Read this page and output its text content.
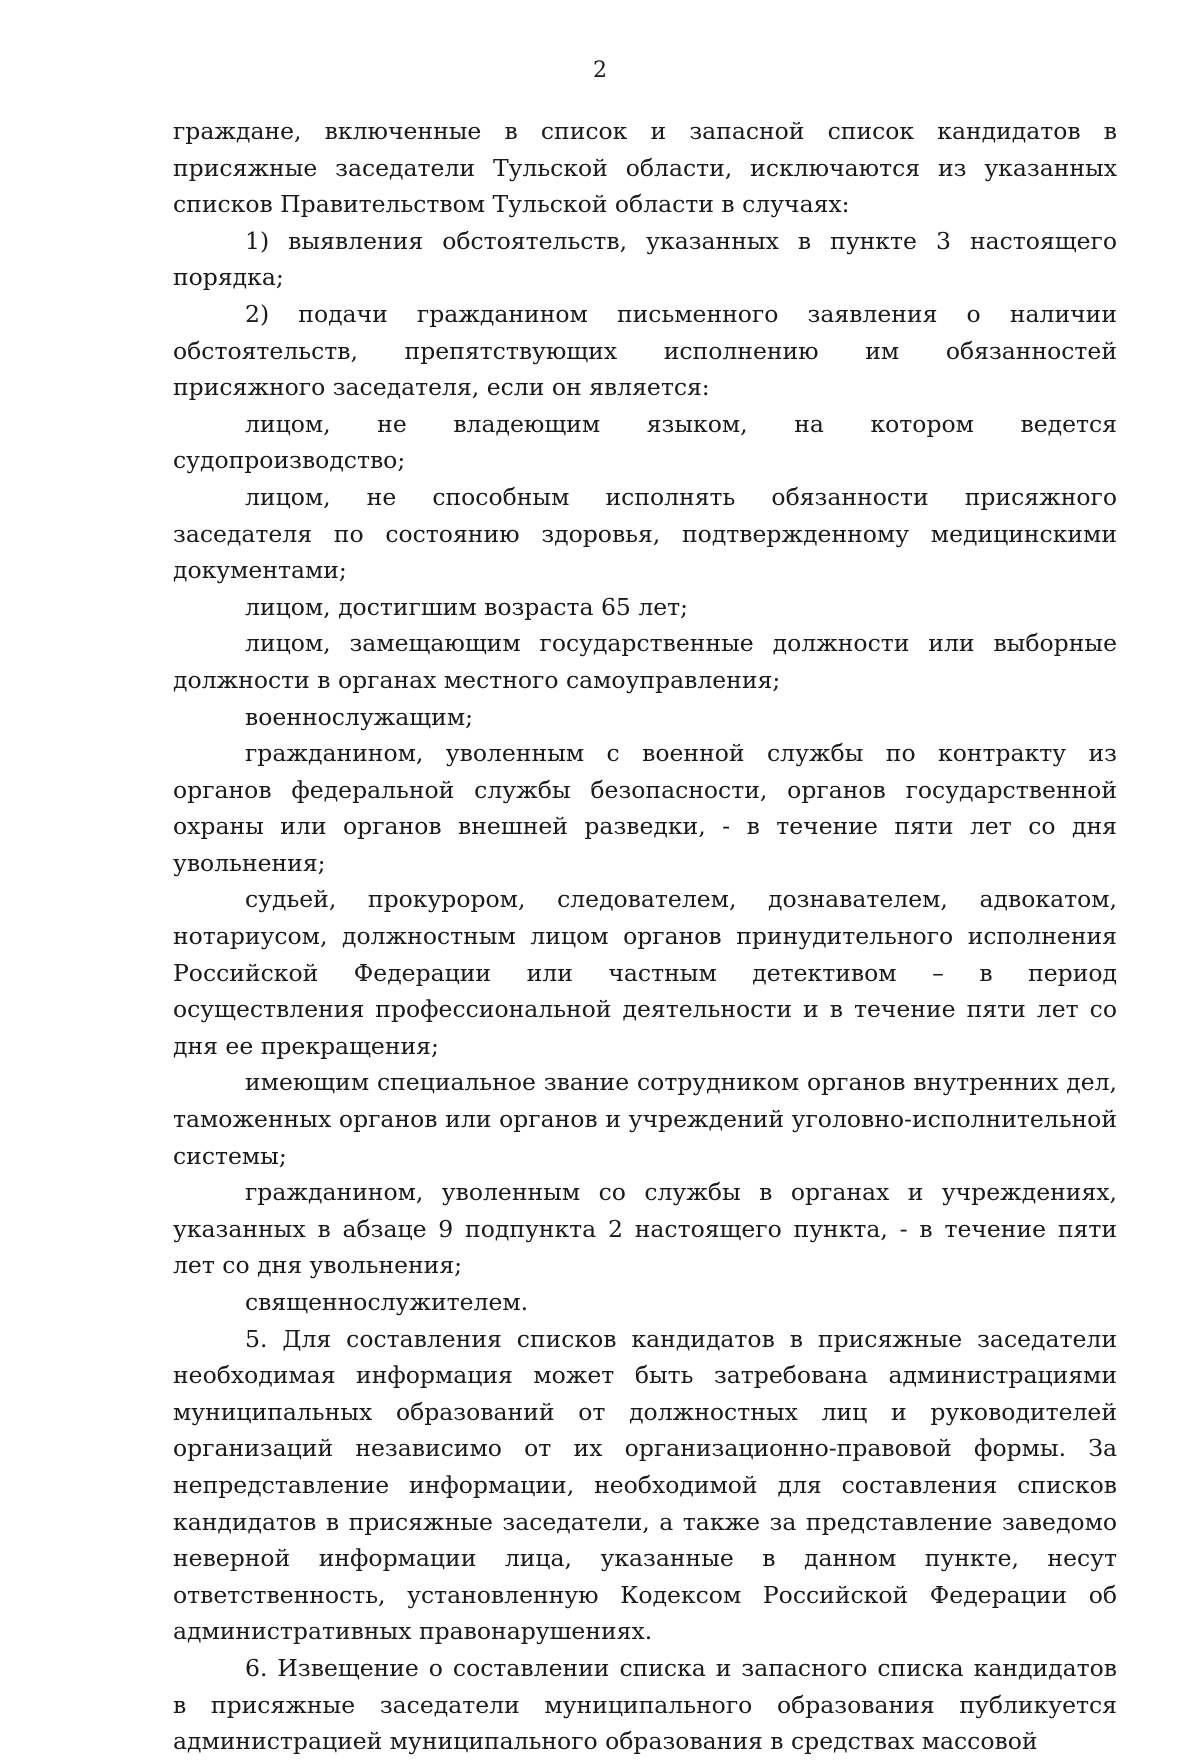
2

граждане, включенные в список и запасной список кандидатов в присяжные заседатели Тульской области, исключаются из указанных списков Правительством Тульской области в случаях:

1) выявления обстоятельств, указанных в пункте 3 настоящего порядка;

2) подачи гражданином письменного заявления о наличии обстоятельств, препятствующих исполнению им обязанностей присяжного заседателя, если он является:

лицом, не владеющим языком, на котором ведется судопроизводство;

лицом, не способным исполнять обязанности присяжного заседателя по состоянию здоровья, подтвержденному медицинскими документами;

лицом, достигшим возраста 65 лет;

лицом, замещающим государственные должности или выборные должности в органах местного самоуправления;

военнослужащим;

гражданином, уволенным с военной службы по контракту из органов федеральной службы безопасности, органов государственной охраны или органов внешней разведки, - в течение пяти лет со дня увольнения;

судьей, прокурором, следователем, дознавателем, адвокатом, нотариусом, должностным лицом органов принудительного исполнения Российской Федерации или частным детективом – в период осуществления профессиональной деятельности и в течение пяти лет со дня ее прекращения;

имеющим специальное звание сотрудником органов внутренних дел, таможенных органов или органов и учреждений уголовно-исполнительной системы;

гражданином, уволенным со службы в органах и учреждениях, указанных в абзаце 9 подпункта 2 настоящего пункта, - в течение пяти лет со дня увольнения;

священнослужителем.

5. Для составления списков кандидатов в присяжные заседатели необходимая информация может быть затребована администрациями муниципальных образований от должностных лиц и руководителей организаций независимо от их организационно-правовой формы. За непредставление информации, необходимой для составления списков кандидатов в присяжные заседатели, а также за представление заведомо неверной информации лица, указанные в данном пункте, несут ответственность, установленную Кодексом Российской Федерации об административных правонарушениях.

6. Извещение о составлении списка и запасного списка кандидатов в присяжные заседатели муниципального образования публикуется администрацией муниципального образования в средствах массовой
